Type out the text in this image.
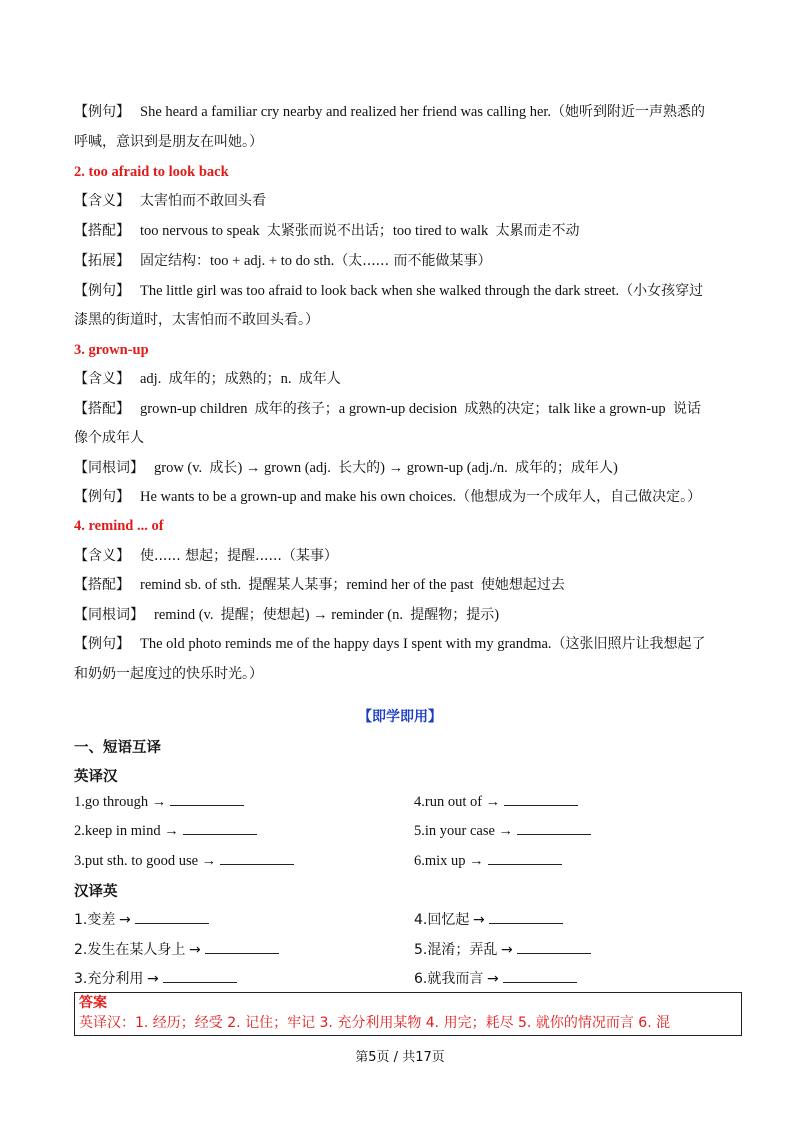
【例句】 She heard a familiar cry nearby and realized her friend was calling her.（她听到附近一声熟悉的
呼喊，意识到是朋友在叫她。）
2. too afraid to look back
【含义】 太害怕而不敢回头看
【搭配】 too nervous to speak 太紧张而说不出话；too tired to walk 太累而走不动
【拓展】 固定结构：too + adj. + to do sth.（太...... 而不能做某事）
【例句】 The little girl was too afraid to look back when she walked through the dark street.（小女孩穿过
漆黑的街道时，太害怕而不敢回头看。）
3. grown-up
【含义】 adj. 成年的；成熟的；n. 成年人
【搭配】 grown-up children 成年的孩子；a grown-up decision 成熟的决定；talk like a grown-up 说话
像个成年人
【同根词】 grow (v. 成长) → grown (adj. 长大的) → grown-up (adj./n. 成年的；成年人)
【例句】 He wants to be a grown-up and make his own choices.（他想成为一个成年人，自己做决定。）
4. remind ... of
【含义】 使...... 想起；提醒......（某事）
【搭配】 remind sb. of sth. 提醒某人某事；remind her of the past 使她想起过去
【同根词】 remind (v. 提醒；使想起) → reminder (n. 提醒物；提示)
【例句】 The old photo reminds me of the happy days I spent with my grandma.（这张旧照片让我想起了
和奶奶一起度过的快乐时光。）
【即学即用】
一、短语互译
英译汉
1.go through →	4.run out of →
2.keep in mind →	5.in your case →
3.put sth. to good use →	6.mix up →
汉译英
1.变差 →	4.回忆起 →
2.发生在某人身上 →	5.混淆；弄乱 →
3.充分利用 →	6.就我而言 →
答案
英译汉：1. 经历；经受 2. 记住；牢记 3. 充分利用某物 4. 用完；耗尽 5. 就你的情况而言 6. 混
第5页 / 共17页
